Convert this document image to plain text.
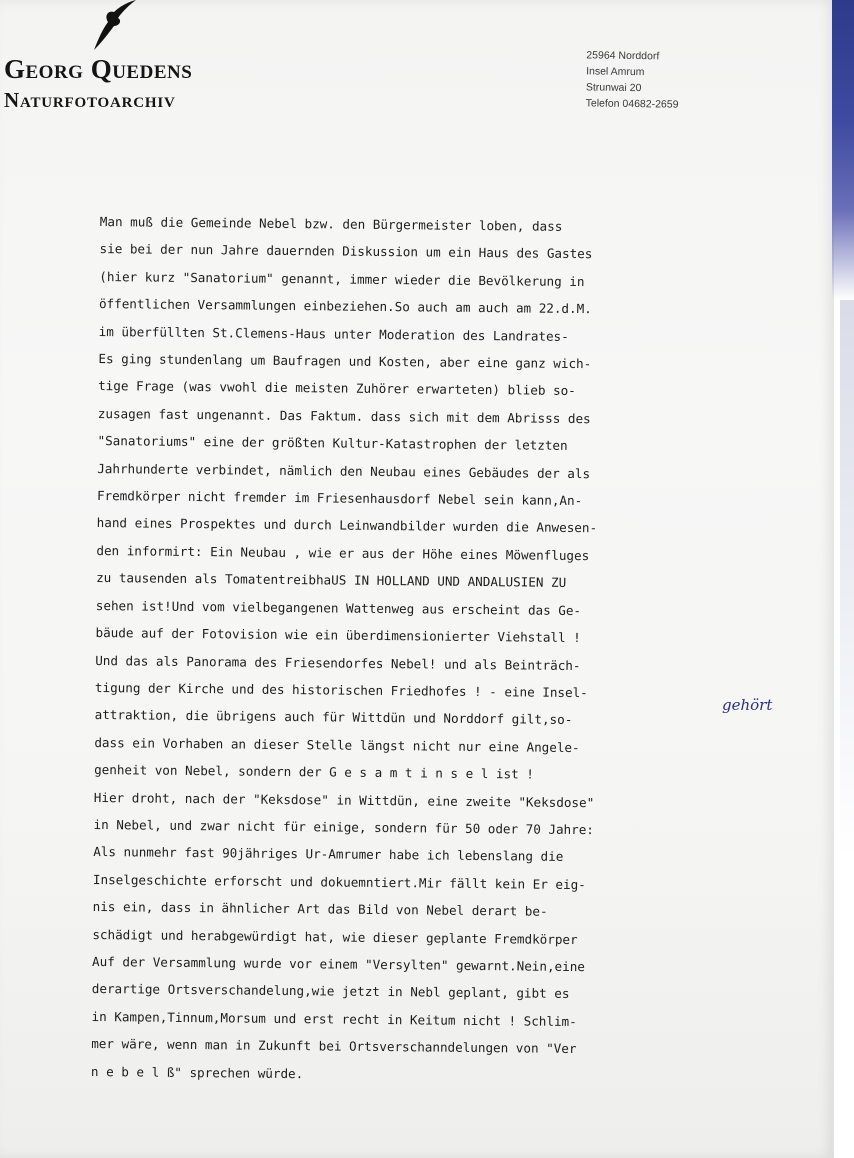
Georg Quedens

Naturfotoarchiv

25964 Norddorf
Insel Amrum
Strunwai 20
Telefon 04682-2659
Man muß die Gemeinde Nebel bzw. den Bürgermeister loben, dass
sie bei der nun Jahre dauernden Diskussion um ein Haus des Gastes
(hier kurz "Sanatorium" genannt, immer wieder die Bevölkerung in
öffentlichen Versammlungen einbeziehen.So auch am auch am 22.d.M.
im überfüllten St.Clemens-Haus unter Moderation des Landrates-
Es ging stundenlang um Baufragen und Kosten, aber eine ganz wich-
tige Frage (was vwohl die meisten Zuhörer erwarteten) blieb so-
zusagen fast ungenannt. Das Faktum. dass sich mit dem Abrisss des
"Sanatoriums" eine der größten Kultur-Katastrophen der letzten
Jahrhunderte verbindet, nämlich den Neubau eines Gebäudes der als
Fremdkörper nicht fremder im Friesenhausdorf Nebel sein kann,An-
hand eines Prospektes und durch Leinwandbilder wurden die Anwesen-
den informirt: Ein Neubau , wie er aus der Höhe eines Möwenfluges
zu tausenden als TomatentreibhaUS IN HOLLAND UND ANDALUSIEN ZU
sehen ist!Und vom vielbegangenen Wattenweg aus erscheint das Ge-
bäude auf der Fotovision wie ein überdimensionierter Viehstall !
Und das als Panorama des Friesendorfes Nebel! und als Beinträch-
tigung der Kirche und des historischen Friedhofes ! - eine Insel-
attraktion, die übrigens auch für Wittdün und Norddorf gilt,so-
dass ein Vorhaben an dieser Stelle längst nicht nur eine Angele-
genheit von Nebel, sondern der G e s a m t i n s e l ist !
Hier droht, nach der "Keksdose" in Wittdün, eine zweite "Keksdose"
in Nebel, und zwar nicht für einige, sondern für 50 oder 70 Jahre:
Als nunmehr fast 90jähriges Ur-Amrumer habe ich lebenslang die
Inselgeschichte erforscht und dokuemntiert.Mir fällt kein Er eig-
nis ein, dass in ähnlicher Art das Bild von Nebel derart be-
schädigt und herabgewürdigt hat, wie dieser geplante Fremdkörper
Auf der Versammlung wurde vor einem "Versylten" gewarnt.Nein,eine
derartige Ortsverschandelung,wie jetzt in Nebl geplant, gibt es
in Kampen,Tinnum,Morsum und erst recht in Keitum nicht ! Schlim-
mer wäre, wenn man in Zukunft bei Ortsverschanndelungen von "Ver
n e b e l ß" sprechen würde.
gehört
